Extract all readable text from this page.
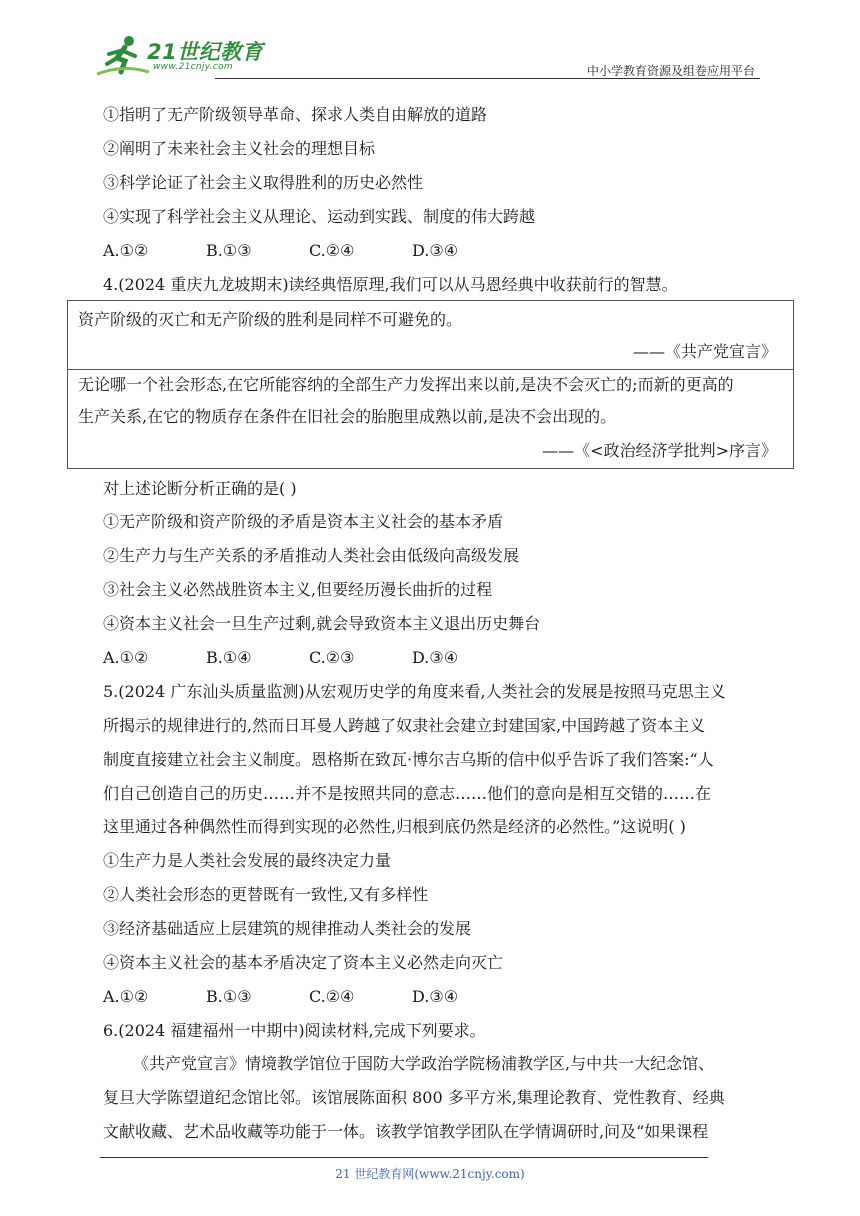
21世纪教育
www.21cnjy.com	中小学教育资源及组卷应用平台
①指明了无产阶级领导革命、探求人类自由解放的道路
②阐明了未来社会主义社会的理想目标
③科学论证了社会主义取得胜利的历史必然性
④实现了科学社会主义从理论、运动到实践、制度的伟大跨越
A.①②	B.①③	C.②④	D.③④
4.(2024 重庆九龙坡期末)读经典悟原理,我们可以从马恩经典中收获前行的智慧。
资产阶级的灭亡和无产阶级的胜利是同样不可避免的。
——《共产党宣言》
无论哪一个社会形态,在它所能容纳的全部生产力发挥出来以前,是决不会灭亡的;而新的更高的
生产关系,在它的物质存在条件在旧社会的胎胞里成熟以前,是决不会出现的。
——《<政治经济学批判>序言》
对上述论断分析正确的是( )
①无产阶级和资产阶级的矛盾是资本主义社会的基本矛盾
②生产力与生产关系的矛盾推动人类社会由低级向高级发展
③社会主义必然战胜资本主义,但要经历漫长曲折的过程
④资本主义社会一旦生产过剩,就会导致资本主义退出历史舞台
A.①②	B.①④	C.②③	D.③④
5.(2024 广东汕头质量监测)从宏观历史学的角度来看,人类社会的发展是按照马克思主义
所揭示的规律进行的,然而日耳曼人跨越了奴隶社会建立封建国家,中国跨越了资本主义
制度直接建立社会主义制度。恩格斯在致瓦·博尔吉乌斯的信中似乎告诉了我们答案:“人
们自己创造自己的历史……并不是按照共同的意志……他们的意向是相互交错的……在
这里通过各种偶然性而得到实现的必然性,归根到底仍然是经济的必然性。”这说明( )
①生产力是人类社会发展的最终决定力量
②人类社会形态的更替既有一致性,又有多样性
③经济基础适应上层建筑的规律推动人类社会的发展
④资本主义社会的基本矛盾决定了资本主义必然走向灭亡
A.①②	B.①③	C.②④	D.③④
6.(2024 福建福州一中期中)阅读材料,完成下列要求。
《共产党宣言》情境教学馆位于国防大学政治学院杨浦教学区,与中共一大纪念馆、
复旦大学陈望道纪念馆比邻。该馆展陈面积 800 多平方米,集理论教育、党性教育、经典
文献收藏、艺术品收藏等功能于一体。该教学馆教学团队在学情调研时,问及“如果课程
21 世纪教育网(www.21cnjy.com)
